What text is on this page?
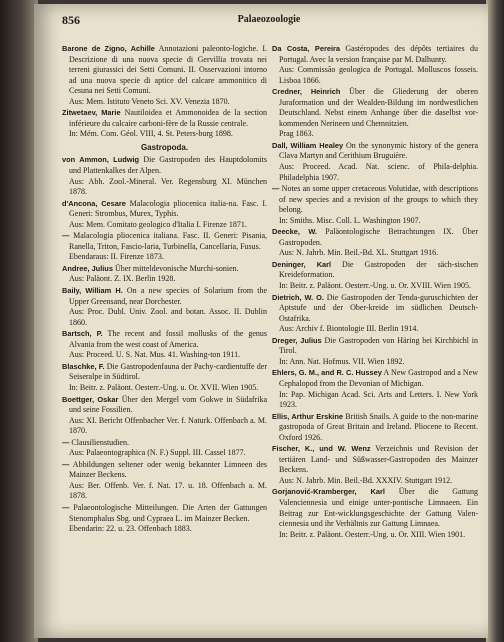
856	Palaeozoologie
Barone de Zigno, Achille Annotazioni paleonto-logiche. I. Descrizione di una nuova specie di Gervillia trovata nei terreni giurassici dei Setti Comuni. II. Osservazioni intorno ad una nuova specie di aptice del calcare ammonitico di Cesuna nei Setti Comuni.

Aus: Mem. Istituto Veneto Sci. XV. Venezia 1870.

Zitwetaev, Marie Nautiloidea et Ammonoidea de la section inférieure du calcaire carboni-fère de la Russie centrale.

In: Mém. Com. Géol. VIII, 4. St. Peters-burg 1898.

Gastropoda.
von Ammon, Ludwig Die Gastropoden des Hauptdolomits und Plattenkalkes der Alpen.

Aus: Abh. Zool.-Mineral. Ver. Regensburg XI. München 1878.

d'Ancona, Cesare Malacologia pliocenica italia-na. Fasc. I. Generi: Strombus, Murex, Typhis.

Aus: Mem. Comitato geologico d'Italia I. Firenze 1871.

— Malacologia pliocenica italiana. Fasc. II. Generi: Pisania, Ranella, Triton, Fascio-laria, Turbinella, Cancellaria, Fusus.

Ebendaraus: II. Firenze 1873.

Andree, Julius Über mitteldevonische Murchi-sonien.

Aus: Paläont. Z. IX. Berlin 1928.

Baily, William H. On a new species of Solarium from the Upper Greensand, near Dorchester.

Aus: Proc. Dubl. Univ. Zool. and botan. Assoc. II. Dublin 1860.

Bartsch, P. The recent and fossil mollusks of the genus Alvania from the west coast of America.

Aus: Proceed. U. S. Nat. Mus. 41. Washing-ton 1911.

Blaschke, F. Die Gastropodenfauna der Pachy-cardientuffe der Seiseralpe in Südtirol.

In: Beitr. z. Paläont. Oesterr.-Ung. u. Or. XVII. Wien 1905.

Boettger, Oskar Über den Mergel vom Gokwe in Südafrika und seine Fossilien.

Aus: XI. Bericht Offenbacher Ver. f. Naturk. Offenbach a. M. 1870.

— Clausilienstudien.

Aus: Palaeontographica (N. F.) Suppl. III. Cassel 1877.

— Abbildungen seltener oder wenig bekannter Limneen des Mainzer Beckens.

Aus: Ber. Offenb. Ver. f. Nat. 17. u. 18. Offenbach a. M. 1878.

— Palaeontologische Mitteilungen. Die Arten der Gattungen Stenomphalus Sbg. und Cypraea L. im Mainzer Becken.

Ebendarin: 22. u. 23. Offenbach 1883.

Da Costa, Pereira Gastéropodes des dépôts tertiaires du Portugal. Avec la version française par M. Dalhunty.

Aus: Commissão geologica de Portugal. Molluscos fosseis. Lisboa 1866.

Credner, Heinrich Über die Gliederung der oberen Juraformation und der Wealden-Bildung im nordwestlichen Deutschland. Nebst einem Anhange über die daselbst vor-kommenden Nerineen und Chemnitzien.

Prag 1863.

Dall, William Healey On the synonymic history of the genera Clava Martyn and Cerithium Bruguière.

Aus: Proceed. Acad. Nat. scienc. of Phila-delphia. Philadelphia 1907.

— Notes an some upper cretaceous Volutidae, with descriptions of new species and a revision of the groups to which they belong.

In: Smiths. Misc. Coll. L. Washington 1907.

Deecke, W. Paläontologische Betrachtungen IX. Über Gastropoden.

Aus: N. Jahrb. Min. Beil.-Bd. XL. Stuttgart 1916.

Deninger, Karl Die Gastropoden der säch-sischen Kreideformation.

In: Beitr. z. Paläont. Oesterr.-Ung. u. Or. XVIII. Wien 1905.

Dietrich, W. O. Die Gastropoden der Tenda-guruschichten der Aptstufe und der Ober-kreide im südlichen Deutsch-Ostafrika.

Aus: Archiv f. Biontologie III. Berlin 1914.

Dreger, Julius Die Gastropoden von Häring bei Kirchbichl in Tirol.

In: Ann. Nat. Hofmus. VII. Wien 1892.

Ehlers, G. M., and R. C. Hussey A New Gastropod and a New Cephalopod from the Devonian of Michigan.

In: Pap. Michigan Acad. Sci. Arts and Letters. I. New York 1923.

Ellis, Arthur Erskine British Snails. A guide to the non-marine gastropoda of Great Britain and Ireland. Pliocene to Recent. Oxford 1926.
Fischer, K., und W. Wenz Verzeichnis und Revision der tertiären Land- und Süßwasser-Gastropoden des Mainzer Beckens.

Aus: N. Jahrb. Min. Beil.-Bd. XXXIV. Stuttgart 1912.

Gorjanović-Kramberger, Karl Über die Gattung Valenciennesia und einige unter-pontische Limnaeen. Ein Beitrag zur Ent-wicklungsgeschichte der Gattung Valen-ciennesia und ihr Verhältnis zur Gattung Limnaea.

In: Beitr. z. Paläont. Oesterr.-Ung. u. Or. XIII. Wien 1901.
